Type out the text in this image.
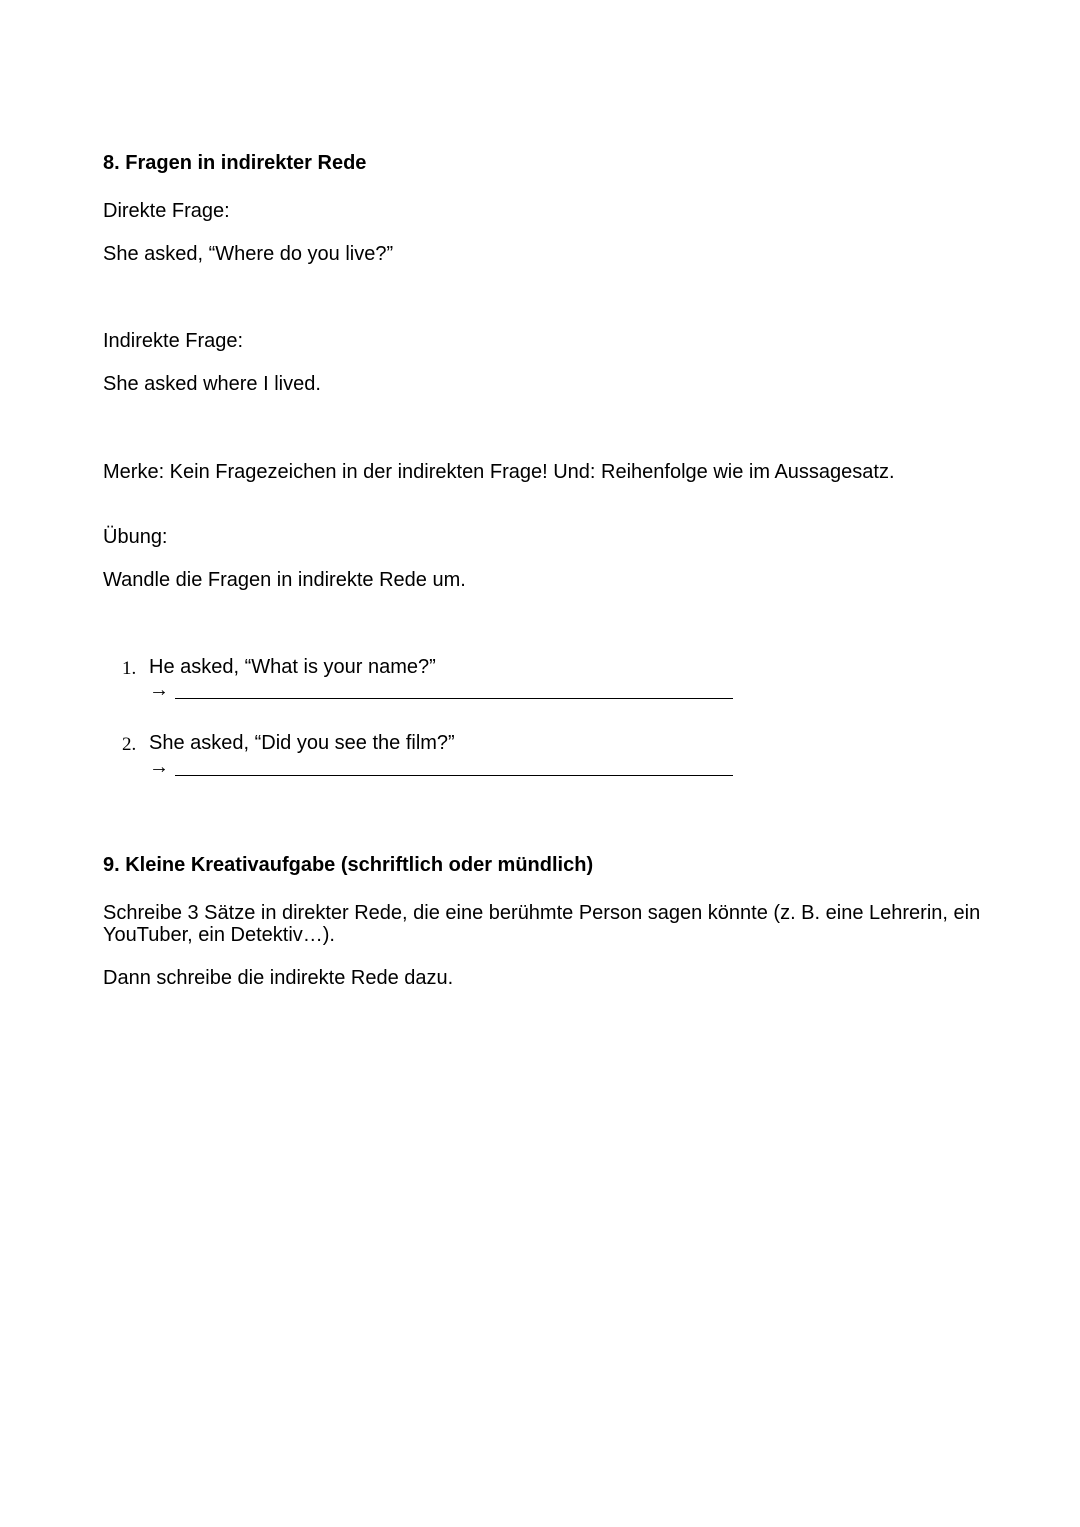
8. Fragen in indirekter Rede
Direkte Frage:
She asked, “Where do you live?”
Indirekte Frage:
She asked where I lived.
Merke: Kein Fragezeichen in der indirekten Frage! Und: Reihenfolge wie im Aussagesatz.
Übung:
Wandle die Fragen in indirekte Rede um.
1. He asked, “What is your name?”
→
2. She asked, “Did you see the film?”
→
9. Kleine Kreativaufgabe (schriftlich oder mündlich)
Schreibe 3 Sätze in direkter Rede, die eine berühmte Person sagen könnte (z. B. eine Lehrerin, ein YouTuber, ein Detektiv…).
Dann schreibe die indirekte Rede dazu.
